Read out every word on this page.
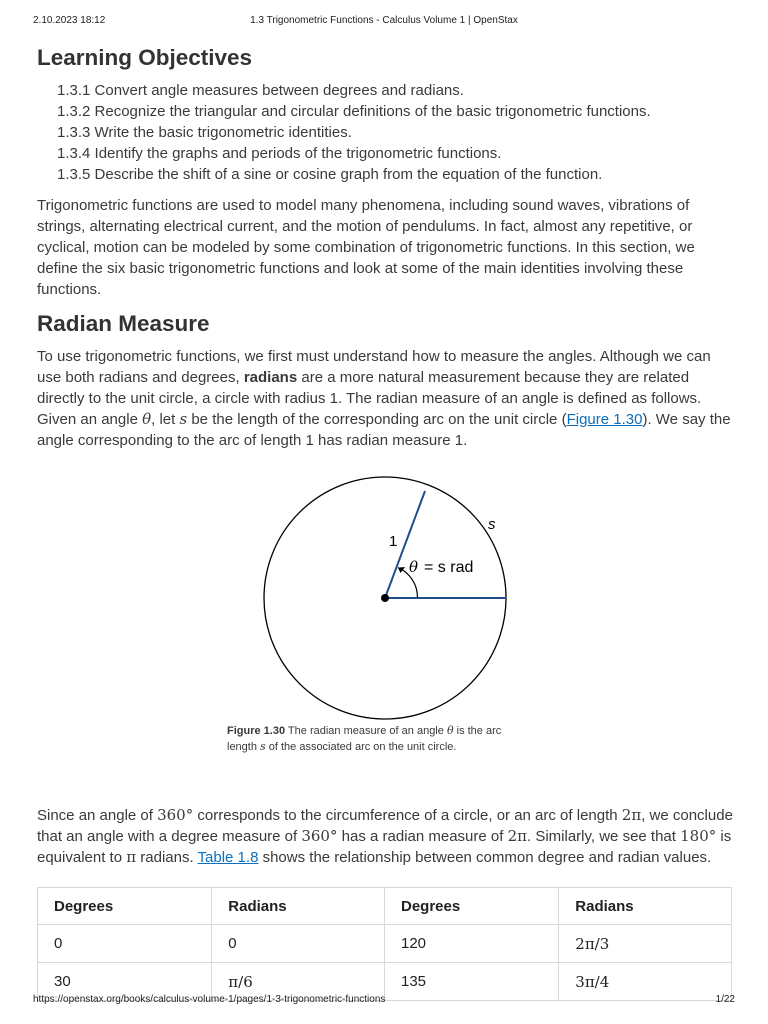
2.10.2023 18:12	1.3 Trigonometric Functions - Calculus Volume 1 | OpenStax
Learning Objectives
1.3.1 Convert angle measures between degrees and radians.
1.3.2 Recognize the triangular and circular definitions of the basic trigonometric functions.
1.3.3 Write the basic trigonometric identities.
1.3.4 Identify the graphs and periods of the trigonometric functions.
1.3.5 Describe the shift of a sine or cosine graph from the equation of the function.

Trigonometric functions are used to model many phenomena, including sound waves, vibrations of strings, alternating electrical current, and the motion of pendulums. In fact, almost any repetitive, or cyclical, motion can be modeled by some combination of trigonometric functions. In this section, we define the six basic trigonometric functions and look at some of the main identities involving these functions.

Radian Measure

To use trigonometric functions, we first must understand how to measure the angles. Although we can use both radians and degrees, radians are a more natural measurement because they are related directly to the unit circle, a circle with radius 1. The radian measure of an angle is defined as follows. Given an angle θ, let s be the length of the corresponding arc on the unit circle (Figure 1.30). We say the angle corresponding to the arc of length 1 has radian measure 1.

1
s
θ = s rad
Figure 1.30 The radian measure of an angle θ is the arc length s of the associated arc on the unit circle.

Since an angle of 360° corresponds to the circumference of a circle, or an arc of length 2π, we conclude that an angle with a degree measure of 360° has a radian measure of 2π. Similarly, we see that 180° is equivalent to π radians. Table 1.8 shows the relationship between common degree and radian values.

Degrees	Radians	Degrees	Radians
0	0	120	2π/3
30	π/6	135	3π/4
https://openstax.org/books/calculus-volume-1/pages/1-3-trigonometric-functions	1/22
